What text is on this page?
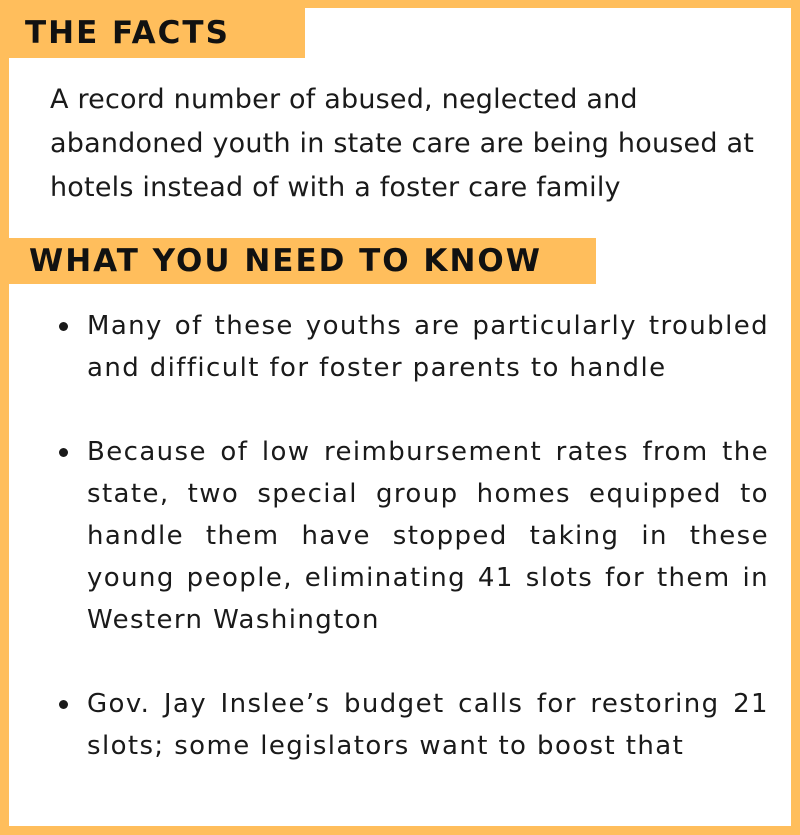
THE FACTS
A record number of abused, neglected and abandoned youth in state care are being housed at hotels instead of with a foster care family
WHAT YOU NEED TO KNOW
Many of these youths are particularly troubled and difficult for foster parents to handle
Because of low reimbursement rates from the state, two special group homes equipped to handle them have stopped taking in these young people, eliminating 41 slots for them in Western Washington
Gov. Jay Inslee’s budget calls for restoring 21 slots; some legislators want to boost that
